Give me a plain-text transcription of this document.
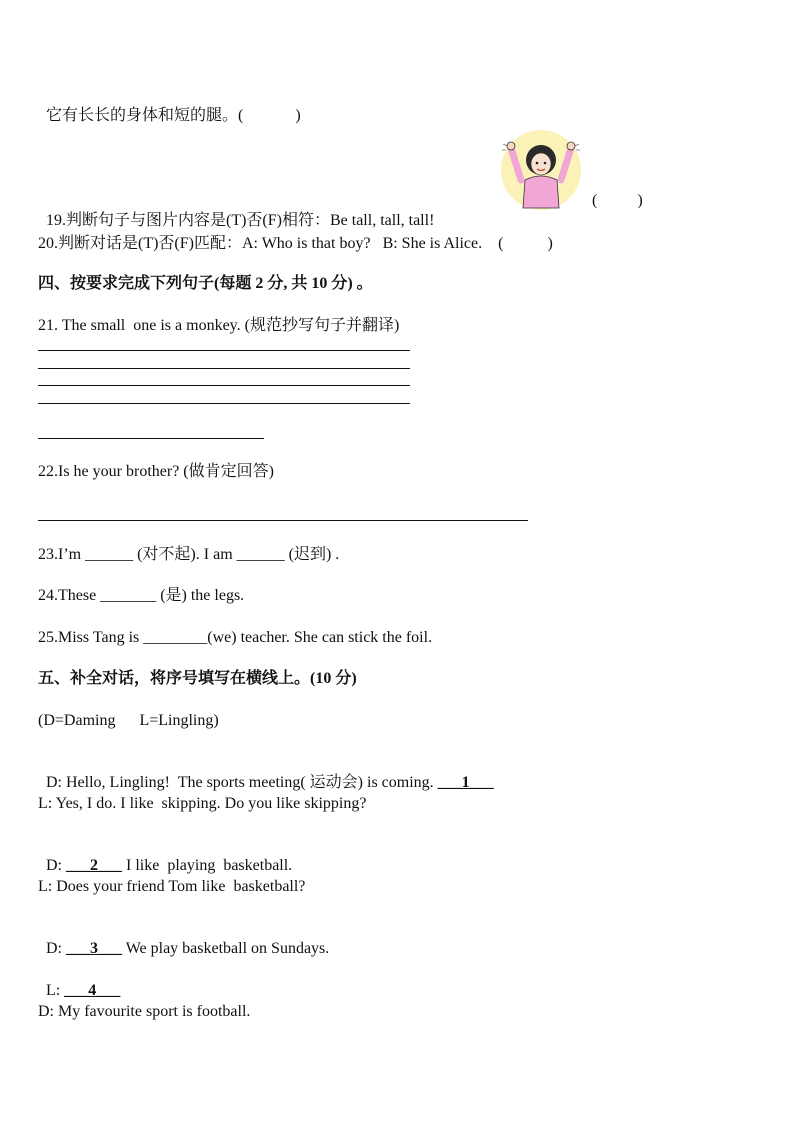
它有长长的身体和短的腿。(             )

19.判断句子与图片内容是(T)否(F)相符：Be tall, tall, tall!

(          )
20.判断对话是(T)否(F)匹配：A: Who is that boy?   B: She is Alice.    (           )
四、按要求完成下列句子(每题 2 分, 共 10 分) 。
21. The small  one is a monkey. (规范抄写句子并翻译)
22.Is he your brother? (做肯定回答)
23.I’m ______ (对不起). I am ______ (迟到) .
24.These _______ (是) the legs.
25.Miss Tang is ________(we) teacher. She can stick the foil.
五、补全对话，将序号填写在横线上。(10 分)
(D=Daming      L=Lingling)

D: Hello, Lingling!  The sports meeting( 运动会) is coming. ___1___

L: Yes, I do. I like  skipping. Do you like skipping?

D: ___2___ I like  playing  basketball.

L: Does your friend Tom like  basketball?

D: ___3___ We play basketball on Sundays.

L: ___4___

D: My favourite sport is football.
